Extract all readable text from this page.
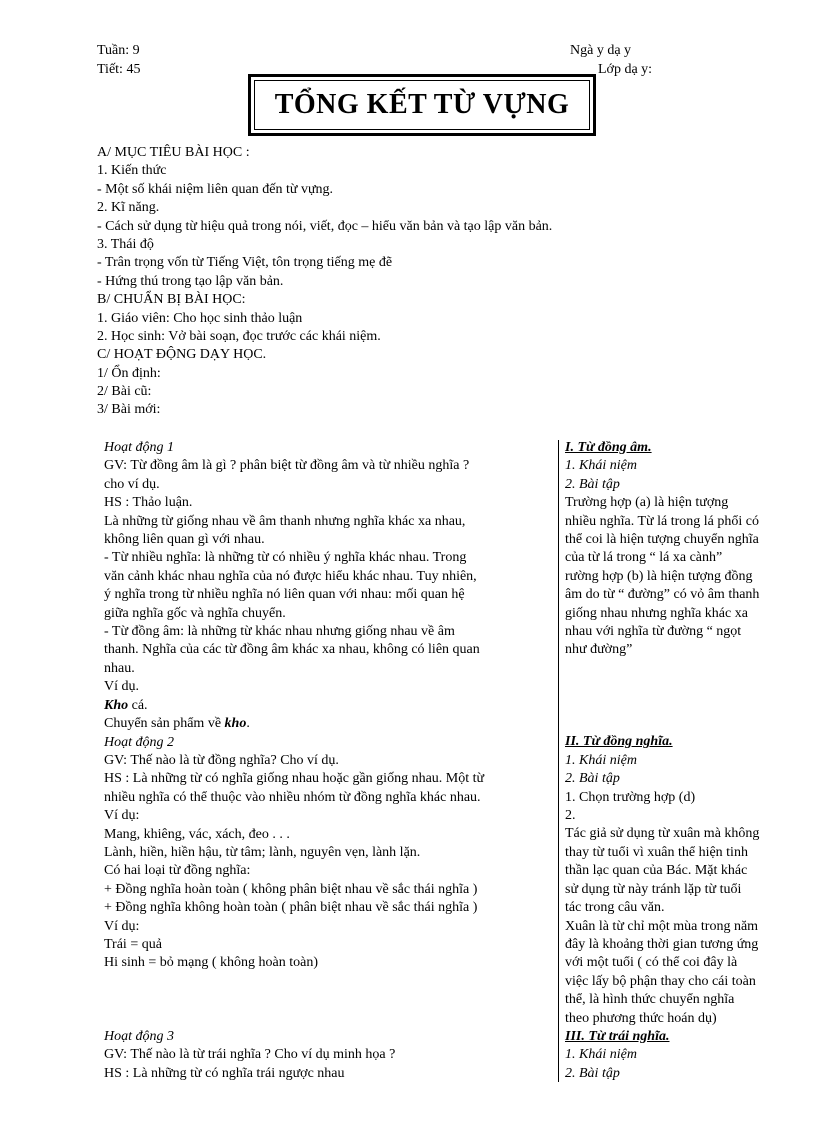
Tuần: 9
Tiết: 45
Ngà y dạ y
Lớp dạ y:
TỔNG KẾT TỪ VỰNG
A/ MỤC TIÊU BÀI HỌC :
1. Kiến thức
- Một số khái niệm liên quan đến từ vựng.
2. Kĩ năng.
- Cách sử dụng từ hiệu quả trong nói, viết, đọc – hiểu văn bản và tạo lập văn bản.
3. Thái độ
- Trân trọng vốn từ Tiếng Việt, tôn trọng tiếng mẹ đẽ
- Hứng thú trong tạo lập văn bản.
B/ CHUẨN BỊ BÀI HỌC:
1. Giáo viên: Cho học sinh thảo luận
2. Học sinh: Vở bài soạn, đọc trước các khái niệm.
C/ HOẠT ĐỘNG DẠY HỌC.
1/ Ổn định:
2/ Bài cũ:
3/ Bài mới:
Hoạt động 1
GV: Từ đồng âm là gì ? phân biệt từ đồng âm và từ nhiều nghĩa ?
cho ví dụ.
HS : Thảo luận.
Là những từ giống nhau về âm thanh nhưng nghĩa khác xa nhau,
không liên quan gì với nhau.
- Từ nhiều nghĩa: là những từ có nhiều ý nghĩa khác nhau. Trong
văn cảnh khác nhau nghĩa của nó được hiểu khác nhau. Tuy nhiên,
ý nghĩa trong từ nhiều nghĩa nó liên quan với nhau: mối quan hệ
giữa nghĩa gốc và nghĩa chuyển.
- Từ đồng âm: là những từ khác nhau nhưng giống nhau về âm
thanh. Nghĩa của các từ đồng âm khác xa nhau, không có liên quan
nhau.
Ví dụ.
Kho cá.
Chuyển sản phẩm về kho.
Hoạt động 2
GV: Thế nào là từ đồng nghĩa? Cho ví dụ.
HS : Là những từ có nghĩa giống nhau hoặc gần giống nhau. Một từ
nhiều nghĩa có thể thuộc vào nhiều nhóm từ đồng nghĩa khác nhau.
Ví dụ:
Mang, khiêng, vác, xách, đeo . . .
Lành, hiền, hiền hậu, từ tâm; lành, nguyên vẹn, lành lặn.
Có hai loại từ đồng nghĩa:
+ Đồng nghĩa hoàn toàn ( không phân biệt nhau về sắc thái nghĩa )
+ Đồng nghĩa không hoàn toàn ( phân biệt nhau về sắc thái nghĩa )
Ví dụ:
Trái = quả
Hi sinh = bỏ mạng ( không hoàn toàn)
Hoạt động 3
GV: Thế nào là từ trái nghĩa ? Cho ví dụ minh họa ?
HS : Là những từ có nghĩa trái ngược nhau
I. Từ đồng âm.
1. Khái niệm
2. Bài tập
Trường hợp (a) là hiện tượng
nhiều nghĩa. Từ lá trong lá phổi có
thể coi là hiện tượng chuyển nghĩa
của từ lá trong “ lá xa cành”
rường hợp (b) là hiện tượng đồng
âm do từ “ đường” có vỏ âm thanh
giống nhau nhưng nghĩa khác xa
nhau với nghĩa từ đường “ ngọt
như đường”
II. Từ đồng nghĩa.
1. Khái niệm
2. Bài tập
1. Chọn trường hợp (d)
2.
Tác giả sử dụng từ xuân mà không
thay từ tuổi vì xuân thể hiện tinh
thần lạc quan của Bác. Mặt khác
sử dụng từ này tránh lặp từ tuổi
tác trong câu văn.
Xuân là từ chỉ một mùa trong năm
đây là khoảng thời gian tương ứng
với một tuổi ( có thể coi đây là
việc lấy bộ phận thay cho cái toàn
thể, là hình thức chuyển nghĩa
theo phương thức hoán dụ)
III. Từ trái nghĩa.
1. Khái niệm
2. Bài tập
